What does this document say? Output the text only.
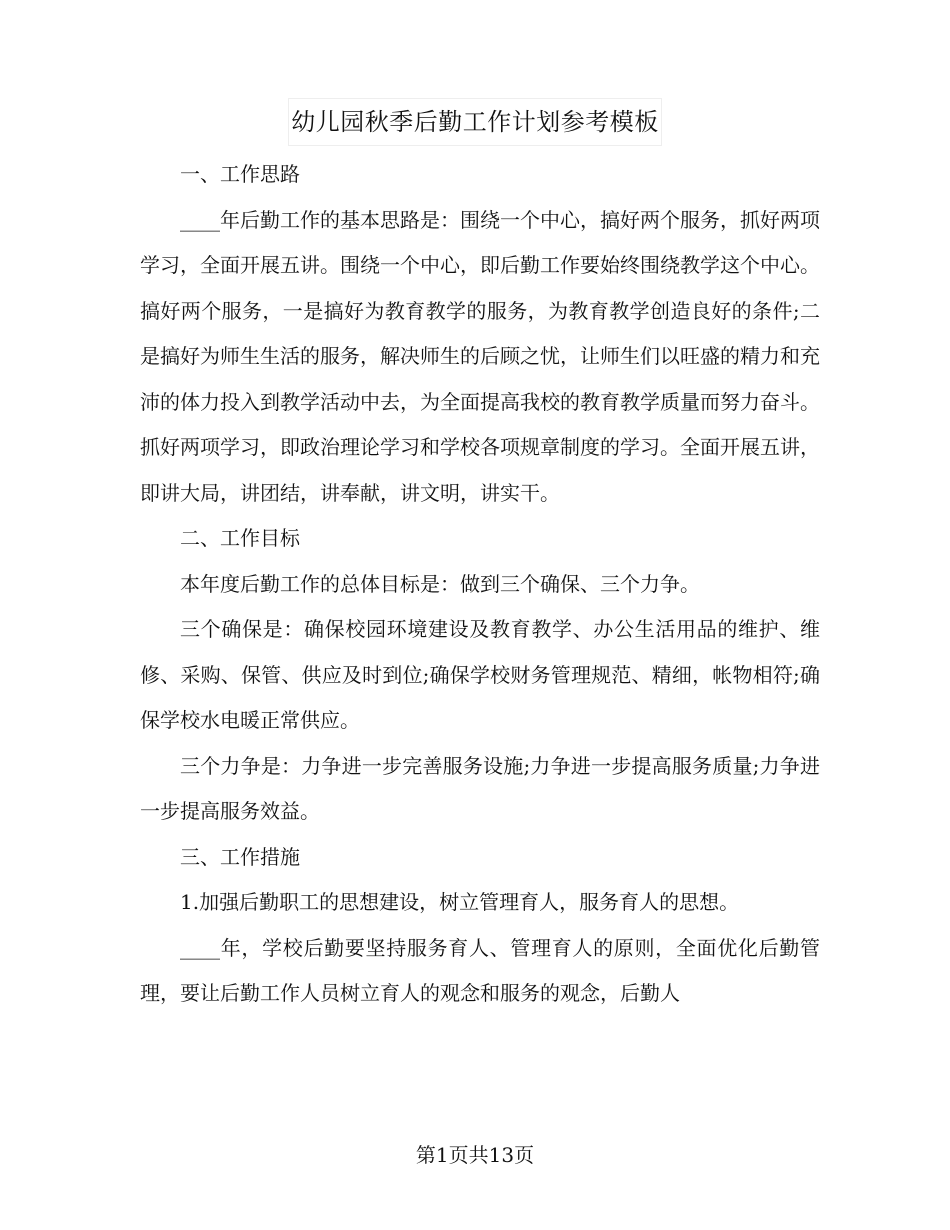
幼儿园秋季后勤工作计划参考模板

一、工作思路

____年后勤工作的基本思路是：围绕一个中心，搞好两个服务，抓好两项学习，全面开展五讲。围绕一个中心，即后勤工作要始终围绕教学这个中心。搞好两个服务，一是搞好为教育教学的服务，为教育教学创造良好的条件;二是搞好为师生生活的服务，解决师生的后顾之忧，让师生们以旺盛的精力和充沛的体力投入到教学活动中去，为全面提高我校的教育教学质量而努力奋斗。抓好两项学习，即政治理论学习和学校各项规章制度的学习。全面开展五讲，即讲大局，讲团结，讲奉献，讲文明，讲实干。

二、工作目标

本年度后勤工作的总体目标是：做到三个确保、三个力争。

三个确保是：确保校园环境建设及教育教学、办公生活用品的维护、维修、采购、保管、供应及时到位;确保学校财务管理规范、精细，帐物相符;确保学校水电暖正常供应。

三个力争是：力争进一步完善服务设施;力争进一步提高服务质量;力争进一步提高服务效益。

三、工作措施

1.加强后勤职工的思想建设，树立管理育人，服务育人的思想。

____年，学校后勤要坚持服务育人、管理育人的原则，全面优化后勤管理，要让后勤工作人员树立育人的观念和服务的观念，后勤人

第1页共13页
